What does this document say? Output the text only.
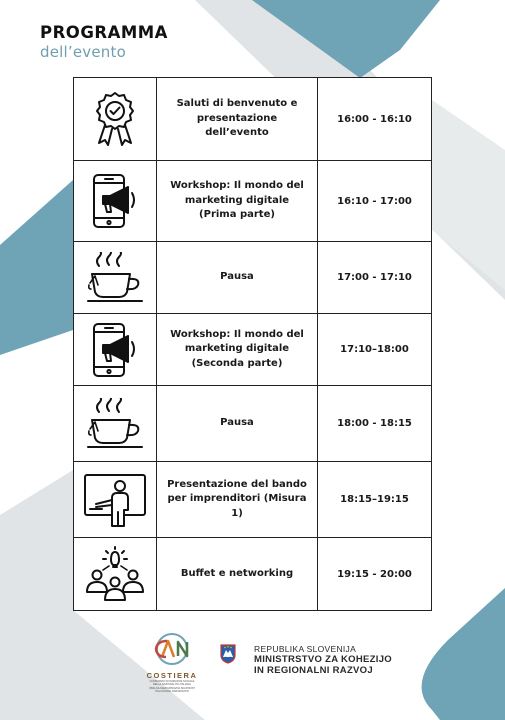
PROGRAMMA
dell’evento
	Saluti di benvenuto e presentazione dell’evento	16:00 - 16:10

	Workshop: Il mondo del marketing digitale (Prima parte)	16:10 - 17:00

	Pausa	17:00 - 17:10

	Workshop: Il mondo del marketing digitale (Seconda parte)	17:10–18:00

	Pausa	18:00 - 18:15

	Presentazione del bando per imprenditori (Misura 1)	18:15–19:15

	Buffet e networking	19:15 - 20:00
COSTIERA
CONSORZIO DI INIZIATIVE SOCIALE
DELLA NAZIONALITÀ ITALIANA
OBALNA SAMOUPRAVNA SKUPNOST
ITALIJANSKE NARODNOSTI
REPUBLIKA SLOVENIJA
MINISTRSTVO ZA KOHEZIJO
IN REGIONALNI RAZVOJ
